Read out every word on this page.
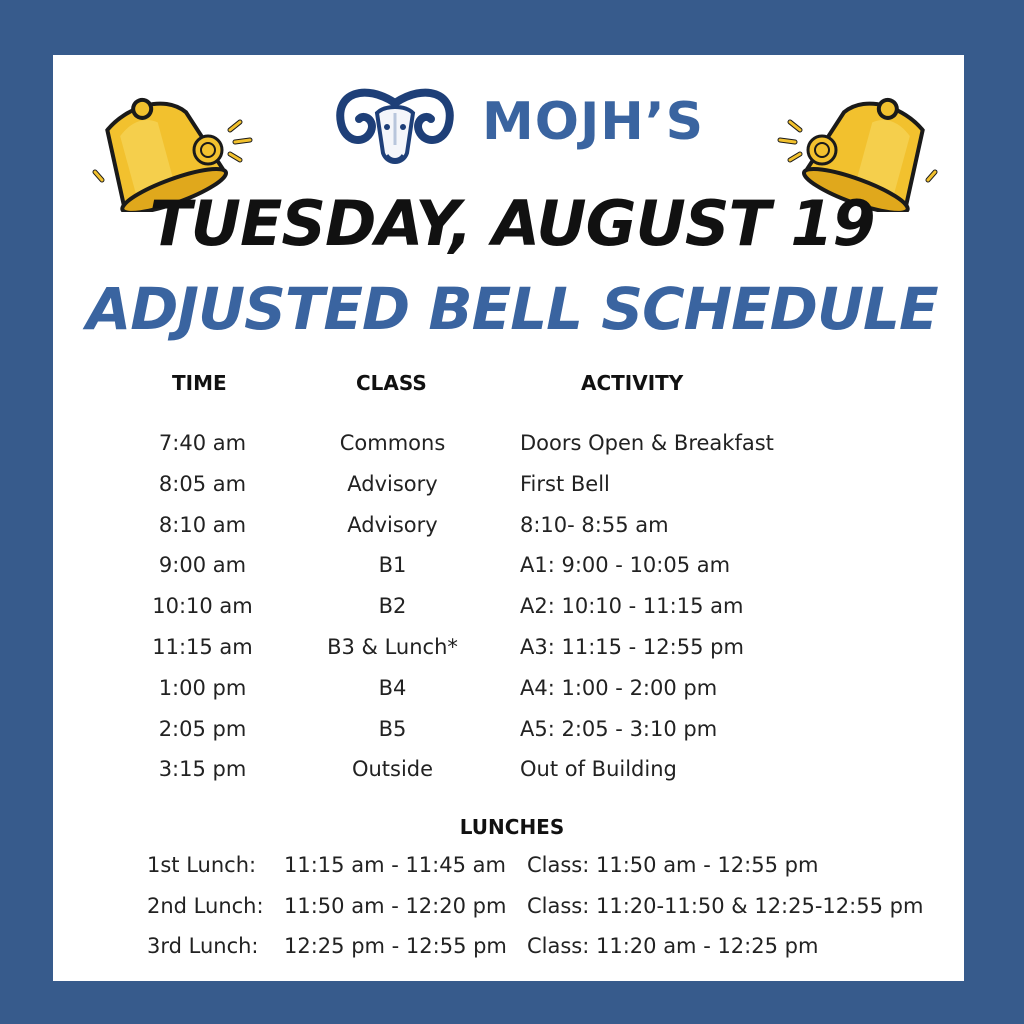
MOJH’S
TUESDAY, AUGUST 19
ADJUSTED BELL SCHEDULE
TIME	CLASS	ACTIVITY
7:40 am	Commons	Doors Open & Breakfast
8:05 am	Advisory	First Bell
8:10 am	Advisory	8:10- 8:55 am
9:00 am	B1	A1: 9:00 - 10:05 am
10:10 am	B2	A2: 10:10 - 11:15 am
11:15 am	B3 & Lunch*	A3: 11:15 - 12:55 pm
1:00 pm	B4	A4: 1:00 - 2:00 pm
2:05 pm	B5	A5: 2:05 - 3:10 pm
3:15 pm	Outside	Out of Building
LUNCHES
1st Lunch: 11:15 am - 11:45 am Class: 11:50 am - 12:55 pm
2nd Lunch: 11:50 am - 12:20 pm Class: 11:20-11:50 & 12:25-12:55 pm
3rd Lunch: 12:25 pm - 12:55 pm Class: 11:20 am - 12:25 pm
